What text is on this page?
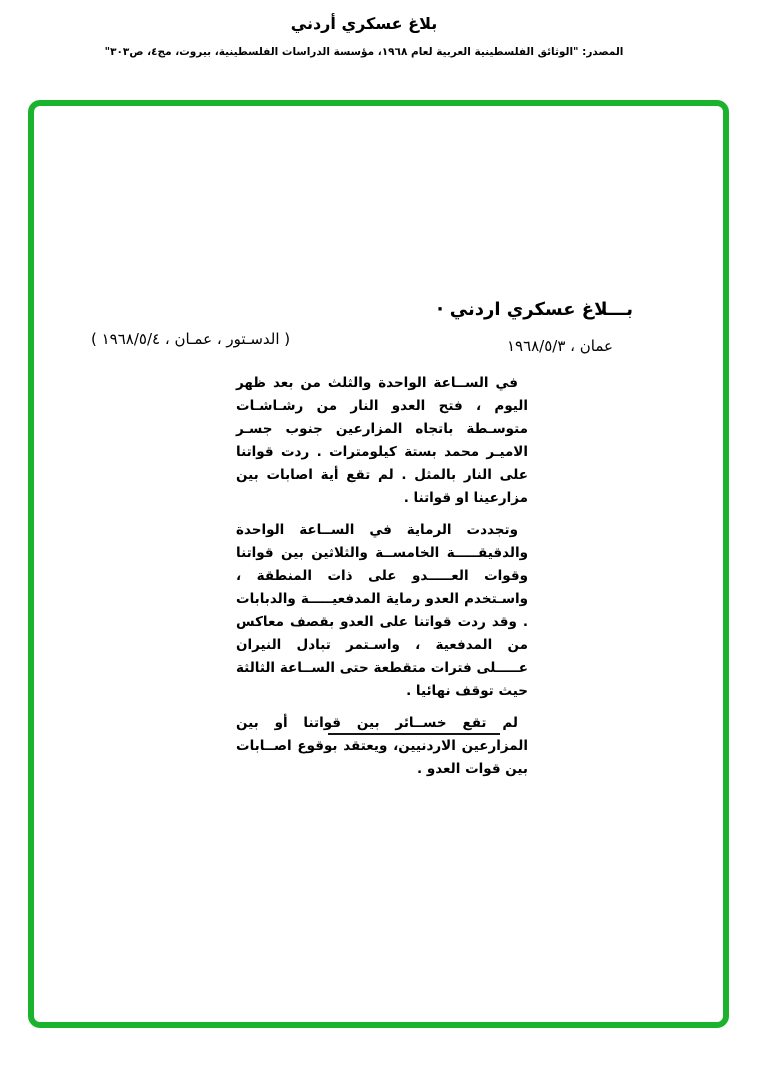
بلاغ عسكري أردني
المصدر: "الوثائق الفلسطينية العربية لعام ١٩٦٨، مؤسسة الدراسات الفلسطينية، بيروت، مج٤، ص٣٠٣"
بـــلاغ عسكري اردني ·
عمان ، ١٩٦٨/٥/٣
( الدسـتور ، عمـان ، ١٩٦٨/٥/٤ )

في الســاعة الواحدة والثلث من بعد ظهر اليوم ، فتح العدو النار من رشـاشـات متوسـطة باتجاه المزارعين جنوب جسـر الاميـر محمد بستة كيلومترات . ردت قواتنا على النار بالمثل . لم تقع أية اصابات بين مزارعينا او قواتنا .

وتجددت الرماية في الســاعة الواحدة والدقيقـــــة الخامســة والثلاثين بين قواتنا وقوات العـــــدو على ذات المنطقة ، واسـتخدم العدو رماية المدفعيـــــة والدبابات . وقد ردت قواتنا على العدو بقصف معاكس من المدفعية ، واسـتمر تبادل النيران عـــــلى فترات متقطعة حتى الســاعة الثالثة حيث توقف نهائيا .

لم تقع خســائر بين قواتنا أو بين المزارعين الاردنيين، ويعتقد بوقوع اصــابات بين قوات العدو .
